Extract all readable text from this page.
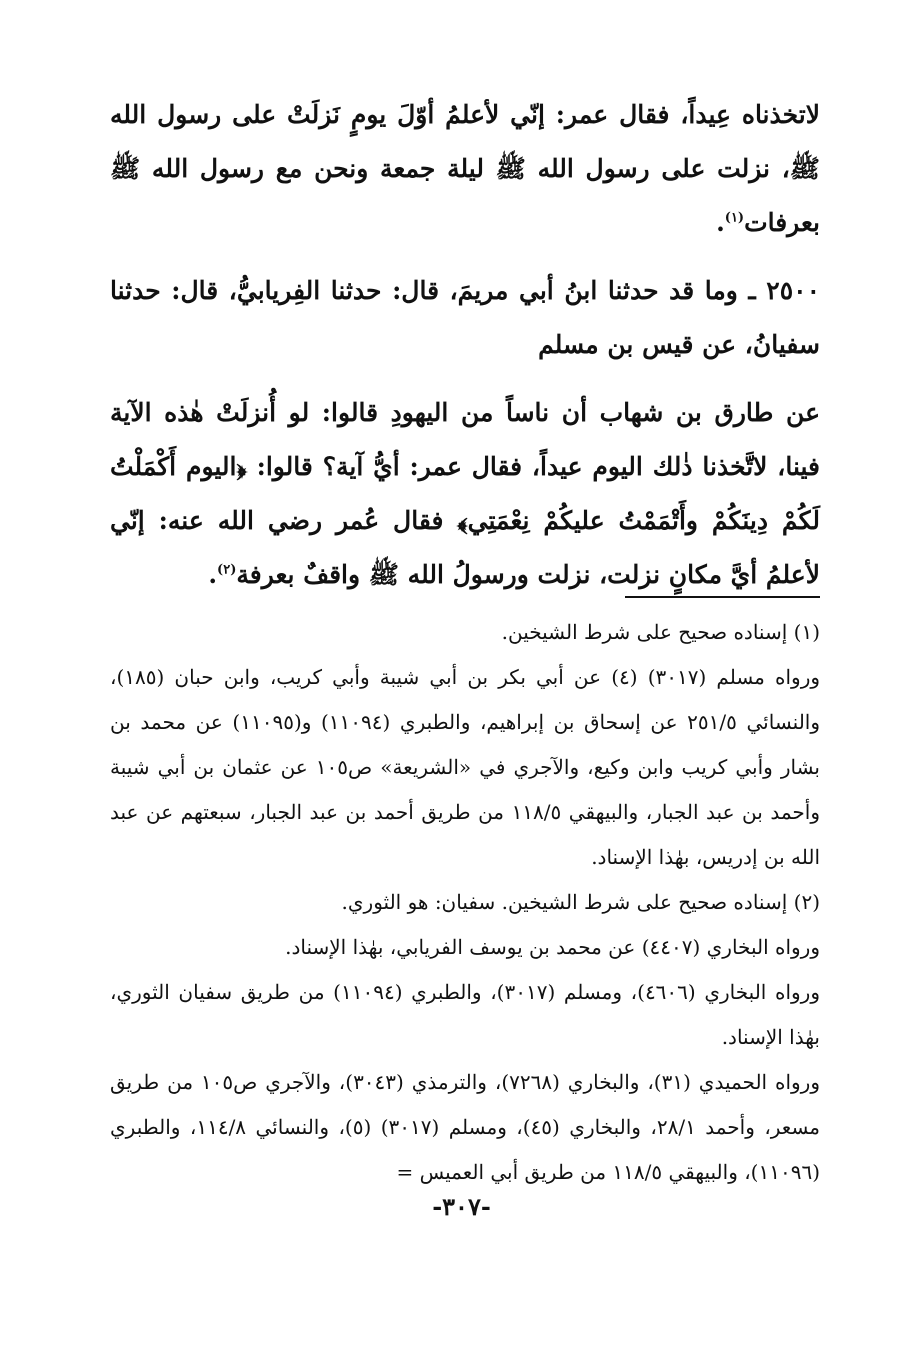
لاتخذناه عِيداً، فقال عمر: إنّي لأعلمُ أوّلَ يومٍ نَزلَتْ على رسول الله ﷺ، نزلت على رسول الله ﷺ ليلة جمعة ونحن مع رسول الله ﷺ بعرفات$^{(١)}$.

٢٥٠٠ ـ وما قد حدثنا ابنُ أبي مريمَ، قال: حدثنا الفِريابيُّ، قال: حدثنا سفيانُ، عن قيس بن مسلم

عن طارق بن شهاب أن ناساً من اليهودِ قالوا: لو أُنزلَتْ هٰذه الآية فينا، لاتَّخذنا ذٰلك اليوم عيداً، فقال عمر: أيُّ آية؟ قالوا: ﴿اليوم أَكْمَلْتُ لَكُمْ دِينَكُمْ وأَتْمَمْتُ عليكُمْ نِعْمَتِي﴾ فقال عُمر رضي الله عنه: إنّي لأعلمُ أيَّ مكانٍ نزلت، نزلت ورسولُ الله ﷺ واقفٌ بعرفة$^{(٢)}$.

(١) إسناده صحيح على شرط الشيخين.

ورواه مسلم (٣٠١٧) (٤) عن أبي بكر بن أبي شيبة وأبي كريب، وابن حبان (١٨٥)، والنسائي ٢٥١/٥ عن إسحاق بن إبراهيم، والطبري (١١٠٩٤) و(١١٠٩٥) عن محمد بن بشار وأبي كريب وابن وكيع، والآجري في «الشريعة» ص١٠٥ عن عثمان بن أبي شيبة وأحمد بن عبد الجبار، والبيهقي ١١٨/٥ من طريق أحمد بن عبد الجبار، سبعتهم عن عبد الله بن إدريس، بهٰذا الإسناد.

(٢) إسناده صحيح على شرط الشيخين. سفيان: هو الثوري.

ورواه البخاري (٤٤٠٧) عن محمد بن يوسف الفريابي، بهٰذا الإسناد.

ورواه البخاري (٤٦٠٦)، ومسلم (٣٠١٧)، والطبري (١١٠٩٤) من طريق سفيان الثوري، بهٰذا الإسناد.

ورواه الحميدي (٣١)، والبخاري (٧٢٦٨)، والترمذي (٣٠٤٣)، والآجري ص١٠٥ من طريق مسعر، وأحمد ٢٨/١، والبخاري (٤٥)، ومسلم (٣٠١٧) (٥)، والنسائي ١١٤/٨، والطبري (١١٠٩٦)، والبيهقي ١١٨/٥ من طريق أبي العميس =

-٣٠٧-
